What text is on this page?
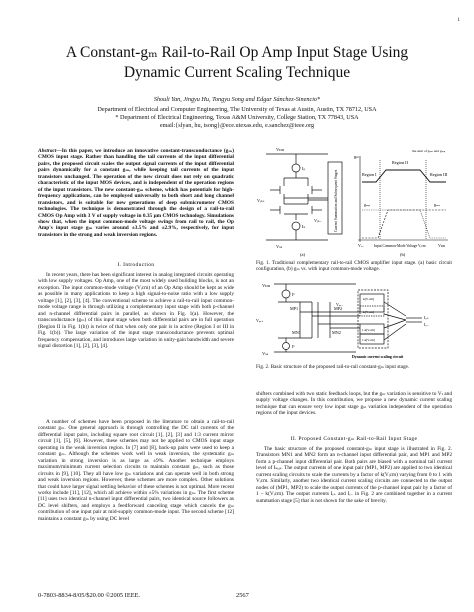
1
A Constant-gₘ Rail-to-Rail Op Amp Input Stage Using
Dynamic Current Scaling Technique
Shouli Yan, Jingyu Hu, Tongyu Song and Edgar Sánchez-Sinencio*
Department of Electrical and Computer Engineering, The University of Texas at Austin, Austin, TX 78712, USA
* Department of Electrical Engineering, Texas A&M University, College Station, TX 77843, USA
email:{slyan, hu, tsong}@ece.utexas.edu, e.sanchez@ieee.org
Abstract—In this paper, we introduce an innovative constant-transconductance (gₘ) CMOS input stage. Rather than handling the tail currents of the input differential pairs, the proposed circuit scales the output signal currents of the input differential pairs dynamically for a constant gₘ, while keeping tail currents of the input transistors unchanged. The operation of the new circuit does not rely on quadratic characteristic of the input MOS devices, and is independent of the operation regions of the input transistors. The new constant-gₘ scheme, which has potentials for high-frequency applications, can be employed universally to both short and long channel transistors, and is suitable for new generations of deep submicrometer CMOS technologies. The technique is demonstrated through the design of a rail-to-rail CMOS Op Amp with 3 V of supply voltage in 0.35 μm CMOS technology. Simulations show that, when the input common-mode voltage swings from rail to rail, the Op Amp's input stage gₘ varies around ±3.5% and ±2.9%, respectively, for input transistors in the strong and weak inversion regions.
I. Introduction
In recent years, there has been significant interest in analog integrated circuits operating with low supply voltages. Op Amp, one of the most widely used building blocks, is not an exception. The input common-mode voltage (Vᵢcm) of an Op Amp should be kept as wide as possible in many applications to keep a high signal-to-noise ratio with a low supply voltage [1], [2], [3], [4]. The conventional scheme to achieve a rail-to-rail input common-mode voltage range is through utilizing a complementary input stage with both p-channel and n-channel differential pairs in parallel, as shown in Fig. 1(a). However, the transconductance (gₘ) of this input stage when both differential pairs are in full operation (Region II in Fig. 1(b)) is twice of that when only one pair is in active (Region I or III in Fig. 1(b)). The large variation of the input stage transconductance prevents optimal frequency compensation, and introduces large variation in unity-gain bandwidth and severe signal distortion [1], [2], [3], [4].
A number of schemes have been proposed in the literature to obtain a rail-to-rail constant gₘ. One general approach is through controlling the DC tail currents of the differential input pairs, including square root circuit [1], [2], [3] and 1:3 current mirror circuit [1], [5], [6]. However, these schemes may not be applied to CMOS input stage operating in the weak inversion region. In [7] and [8], back-up pairs were used to keep a constant gₘ. Although the schemes work well in weak inversion, the systematic gₘ variation in strong inversion is as large as ±9%. Another technique employs maximum/minimum current selection circuits to maintain constant gₘ, such as those circuits in [9], [10]. They all have low gₘ variations and can operate well in both strong and weak inversion regions. However, these schemes are more complex. Other solutions that could have larger signal settling behavior of these schemes is not optimal. More recent works include [11], [12], which all achieve within ±5% variations in gₘ. The first scheme [11] uses two identical n-channel input differential pairs, two identical source followers as DC level shifters, and employs a feedforward canceling stage which cancels the gₘ contribution of one input pair at mid-supply common-mode input. The second scheme [12] maintains a constant gₘ by using DC level
Vᴅᴅ
Vₛₛ
Iₚ
Iₙ
Vᵢₙ₊
Vᵢₙ₋	Current Summation and Subsequent Stages
(a)
gₘ
Region I
Region II
Region III
the sum of gₘₙ and gₘₚ
gₘₙ
gₘₚ
Vₛₛ	Vᴅᴅ
Input Common-Mode Voltage Vᵢcm
(b)
Fig. 1. Traditional complementary rail-to-rail CMOS amplifier input stage. (a) basic circuit configuration, (b) gₘ vs. with input common-mode voltage.
Vᴅᴅ
Vₛₛ
Iᵇ
Iᵇ
Vᵢₙ₊
Vᵢₙ₋
MP1	MP2
MN1	MN2
k(Vᵢcm)
k(Vᵢcm)
1-k(Vᵢcm)
1-k(Vᵢcm)
Iₒ₊
Iₒ₋
Dynamic current scaling circuit
Fig. 2. Basic structure of the proposed rail-to-rail constant-gₘ input stage.
shifters combined with two static feedback loops, but the gₘ variation is sensitive to Vₜ and supply voltage changes. In this contribution, we propose a new dynamic current scaling technique that can ensure very low input stage gₘ variation independent of the operation regions of the input devices.
II. Proposed Constant-gₘ Rail-to-Rail Input Stage
The basic structure of the proposed constant-gₘ input stage is illustrated in Fig. 2. Transistors MN1 and MN2 form an n-channel input differential pair, and MP1 and MP2 form a p-channel input differential pair. Both pairs are biased with a nominal tail current level of Iₛᵢₐₛ. The output currents of one input pair (MP1, MP2) are applied to two identical current scaling circuits to scale the currents by a factor of k(Vᵢcm) varying from 0 to 1 with Vᵢcm. Similarly, another two identical current scaling circuits are connected to the output nodes of (MP1, MP2) to scale the output currents of the p-channel input pair by a factor of 1 − k(Vᵢcm). The output currents Iᵢ₊ and Iᵢ₋ in Fig. 2 are combined together in a current summation stage [5] that is not shown for the sake of brevity.
0-7803-8834-8/05/$20.00 ©2005 IEEE.	2567
